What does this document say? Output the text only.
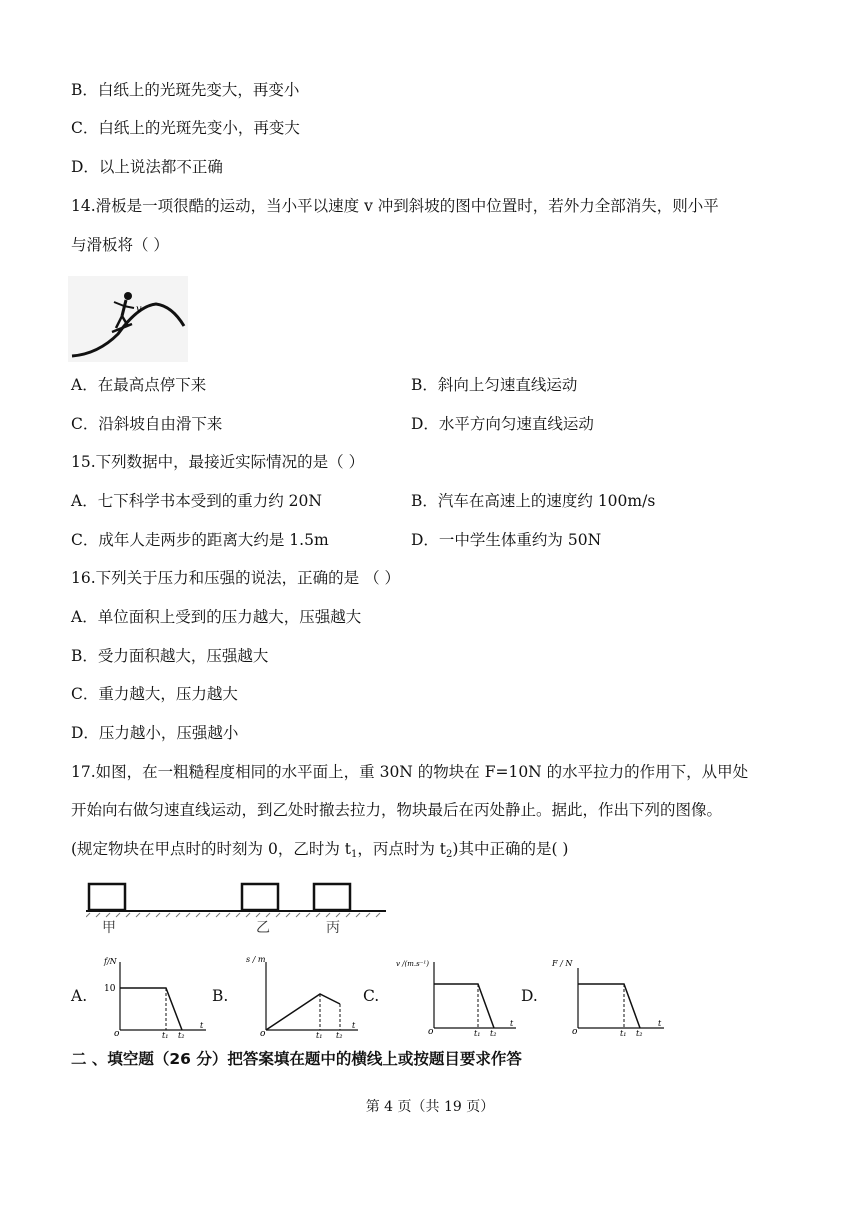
B．白纸上的光斑先变大，再变小
C．白纸上的光斑先变小，再变大
D．以上说法都不正确
14.滑板是一项很酷的运动，当小平以速度 v 冲到斜坡的图中位置时，若外力全部消失，则小平
与滑板将（ ）
v
A．在最高点停下来	B．斜向上匀速直线运动
C．沿斜坡自由滑下来	D．水平方向匀速直线运动
15.下列数据中，最接近实际情况的是（ ）
A．七下科学书本受到的重力约 20N	B．汽车在高速上的速度约 100m/s
C．成年人走两步的距离大约是 1.5m	D．一中学生体重约为 50N
16.下列关于压力和压强的说法，正确的是 （ ）
A．单位面积上受到的压力越大，压强越大
B．受力面积越大，压强越大
C．重力越大，压力越大
D．压力越小，压强越小
17.如图，在一粗糙程度相同的水平面上，重 30N 的物块在 F=10N 的水平拉力的作用下，从甲处
开始向右做匀速直线运动，到乙处时撤去拉力，物块最后在丙处静止。据此，作出下列的图像。
(规定物块在甲点时的时刻为 0，乙时为 $t_1$，丙点时为 $t_2$)其中正确的是( )
甲	乙	丙
A.	B.	C.	D.
f/N
10
o	t₁ t₂
t
s / m
o	t₁ t₂
t
v /(m.s⁻¹)
o	t₁ t₂
t
F / N
o	t₁ t₂
t
二 、填空题（26 分）把答案填在题中的横线上或按题目要求作答
第 4 页（共 19 页）
